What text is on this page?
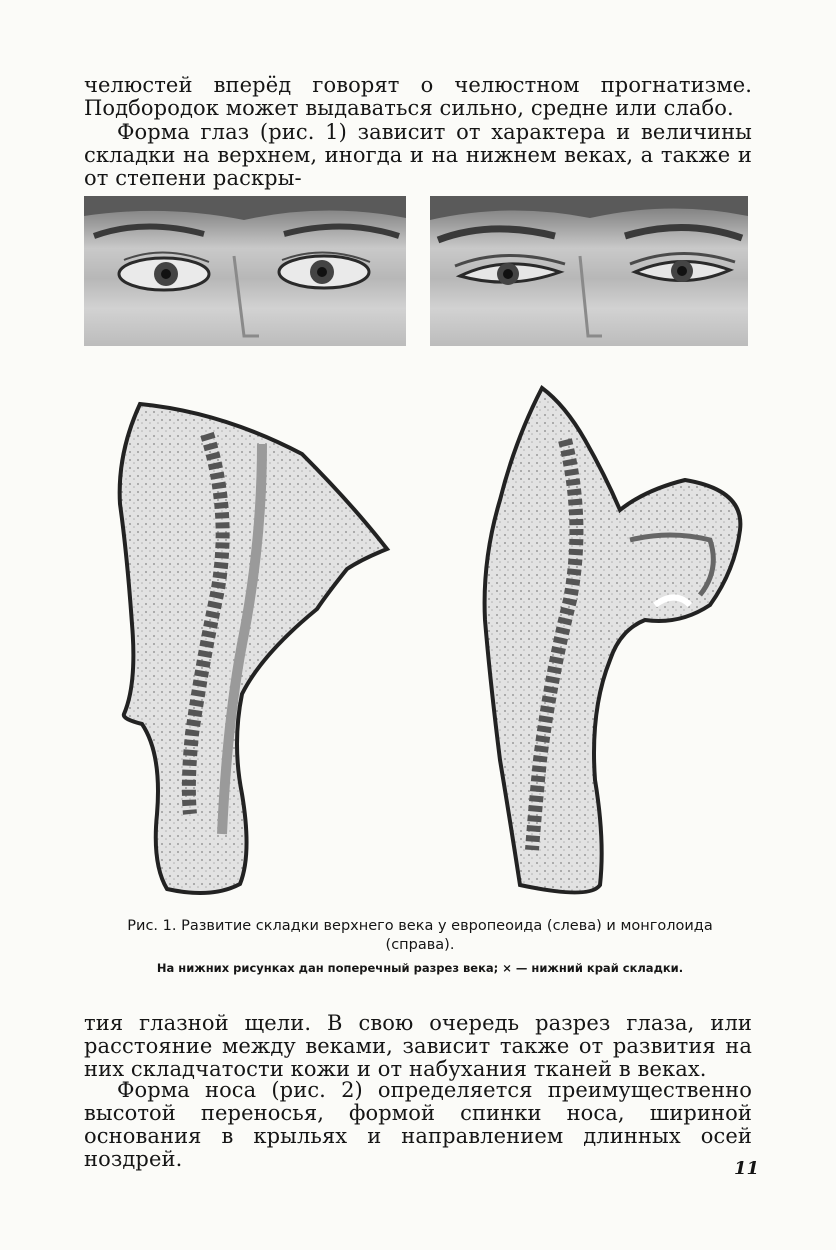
челюстей вперёд говорят о челюстном прогнатизме. Подбородок может выдаваться сильно, средне или слабо.

Форма глаз (рис. 1) зависит от характера и величины складки на верхнем, иногда и на нижнем веках, а также и от степени раскры-

Рис. 1. Развитие складки верхнего века у европеоида (слева) и монголоида (справа).
На нижних рисунках дан поперечный разрез века; × — нижний край складки.

тия глазной щели. В свою очередь разрез глаза, или расстояние между веками, зависит также от развития на них складчатости кожи и от набухания тканей в веках.

Форма носа (рис. 2) определяется преимущественно высотой переносья, формой спинки носа, шириной основания в крыльях и направлением длинных осей ноздрей.	11
